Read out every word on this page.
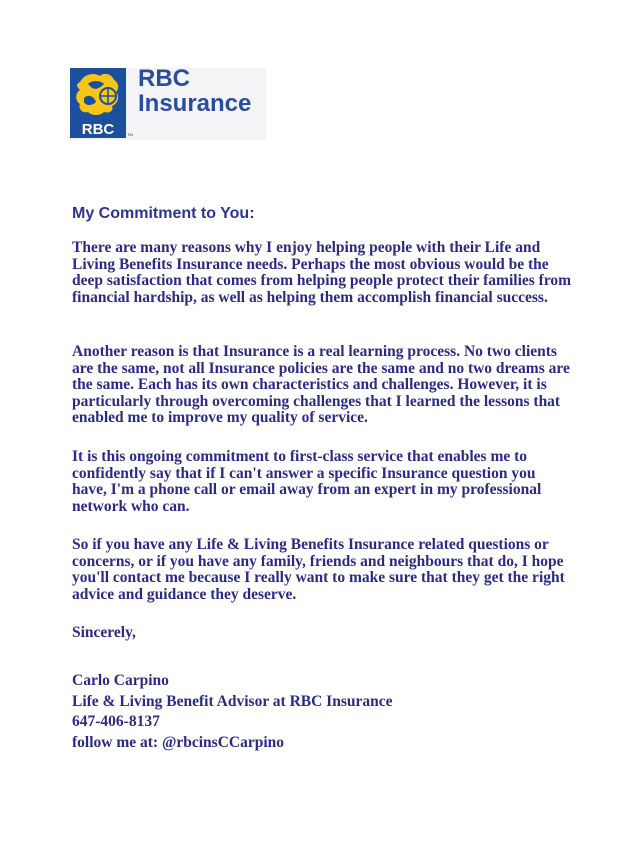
RBC	TM
RBC
Insurance
My Commitment to You:

There are many reasons why I enjoy helping people with their Life and Living Benefits Insurance needs. Perhaps the most obvious would be the deep satisfaction that comes from helping people protect their families from financial hardship, as well as helping them accomplish financial success.

Another reason is that Insurance is a real learning process. No two clients are the same, not all Insurance policies are the same and no two dreams are the same. Each has its own characteristics and challenges. However, it is particularly through overcoming challenges that I learned the lessons that enabled me to improve my quality of service.

It is this ongoing commitment to first-class service that enables me to confidently say that if I can't answer a specific Insurance question you have, I'm a phone call or email away from an expert in my professional network who can.

So if you have any Life & Living Benefits Insurance related questions or concerns, or if you have any family, friends and neighbours that do, I hope you'll contact me because I really want to make sure that they get the right advice and guidance they deserve.

Sincerely,

Carlo Carpino
Life & Living Benefit Advisor at RBC Insurance
647-406-8137
follow me at: @rbcinsCCarpino
